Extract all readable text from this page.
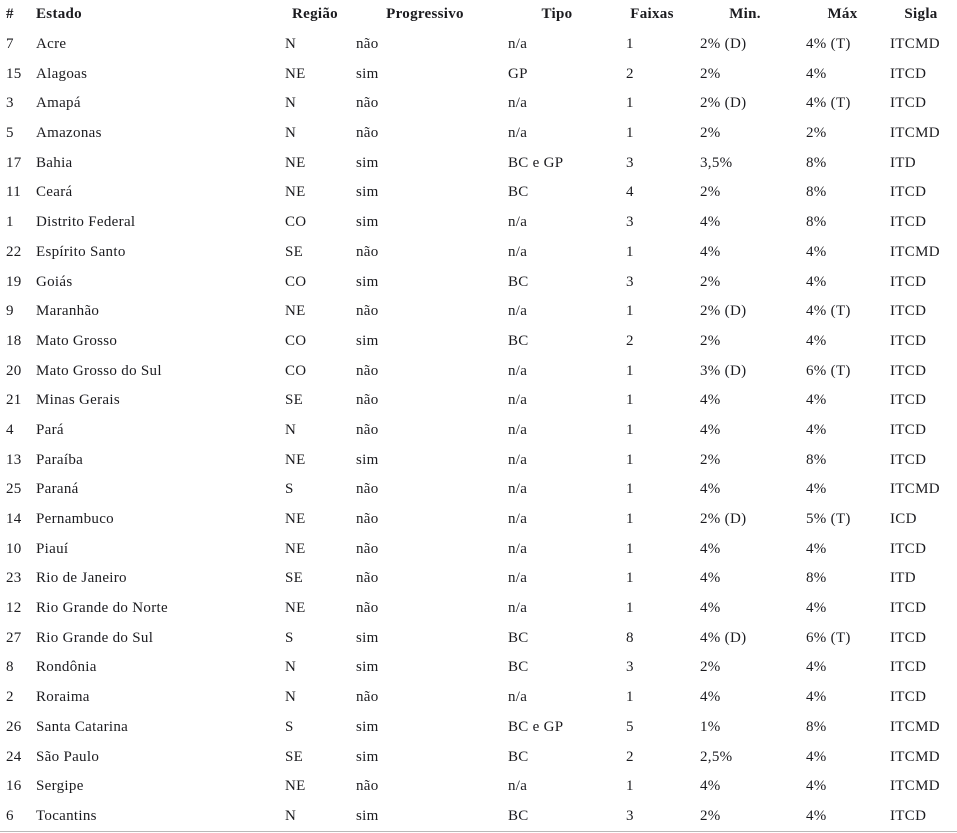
#	Estado	Região	Progressivo	Tipo	Faixas	Min.	Máx	Sigla
7	Acre	N	não	n/a	1	2% (D)	4% (T)	ITCMD
15	Alagoas	NE	sim	GP	2	2%	4%	ITCD
3	Amapá	N	não	n/a	1	2% (D)	4% (T)	ITCD
5	Amazonas	N	não	n/a	1	2%	2%	ITCMD
17	Bahia	NE	sim	BC e GP	3	3,5%	8%	ITD
11	Ceará	NE	sim	BC	4	2%	8%	ITCD
1	Distrito Federal	CO	sim	n/a	3	4%	8%	ITCD
22	Espírito Santo	SE	não	n/a	1	4%	4%	ITCMD
19	Goiás	CO	sim	BC	3	2%	4%	ITCD
9	Maranhão	NE	não	n/a	1	2% (D)	4% (T)	ITCD
18	Mato Grosso	CO	sim	BC	2	2%	4%	ITCD
20	Mato Grosso do Sul	CO	não	n/a	1	3% (D)	6% (T)	ITCD
21	Minas Gerais	SE	não	n/a	1	4%	4%	ITCD
4	Pará	N	não	n/a	1	4%	4%	ITCD
13	Paraíba	NE	sim	n/a	1	2%	8%	ITCD
25	Paraná	S	não	n/a	1	4%	4%	ITCMD
14	Pernambuco	NE	não	n/a	1	2% (D)	5% (T)	ICD
10	Piauí	NE	não	n/a	1	4%	4%	ITCD
23	Rio de Janeiro	SE	não	n/a	1	4%	8%	ITD
12	Rio Grande do Norte	NE	não	n/a	1	4%	4%	ITCD
27	Rio Grande do Sul	S	sim	BC	8	4% (D)	6% (T)	ITCD
8	Rondônia	N	sim	BC	3	2%	4%	ITCD
2	Roraima	N	não	n/a	1	4%	4%	ITCD
26	Santa Catarina	S	sim	BC e GP	5	1%	8%	ITCMD
24	São Paulo	SE	sim	BC	2	2,5%	4%	ITCMD
16	Sergipe	NE	não	n/a	1	4%	4%	ITCMD
6	Tocantins	N	sim	BC	3	2%	4%	ITCD
